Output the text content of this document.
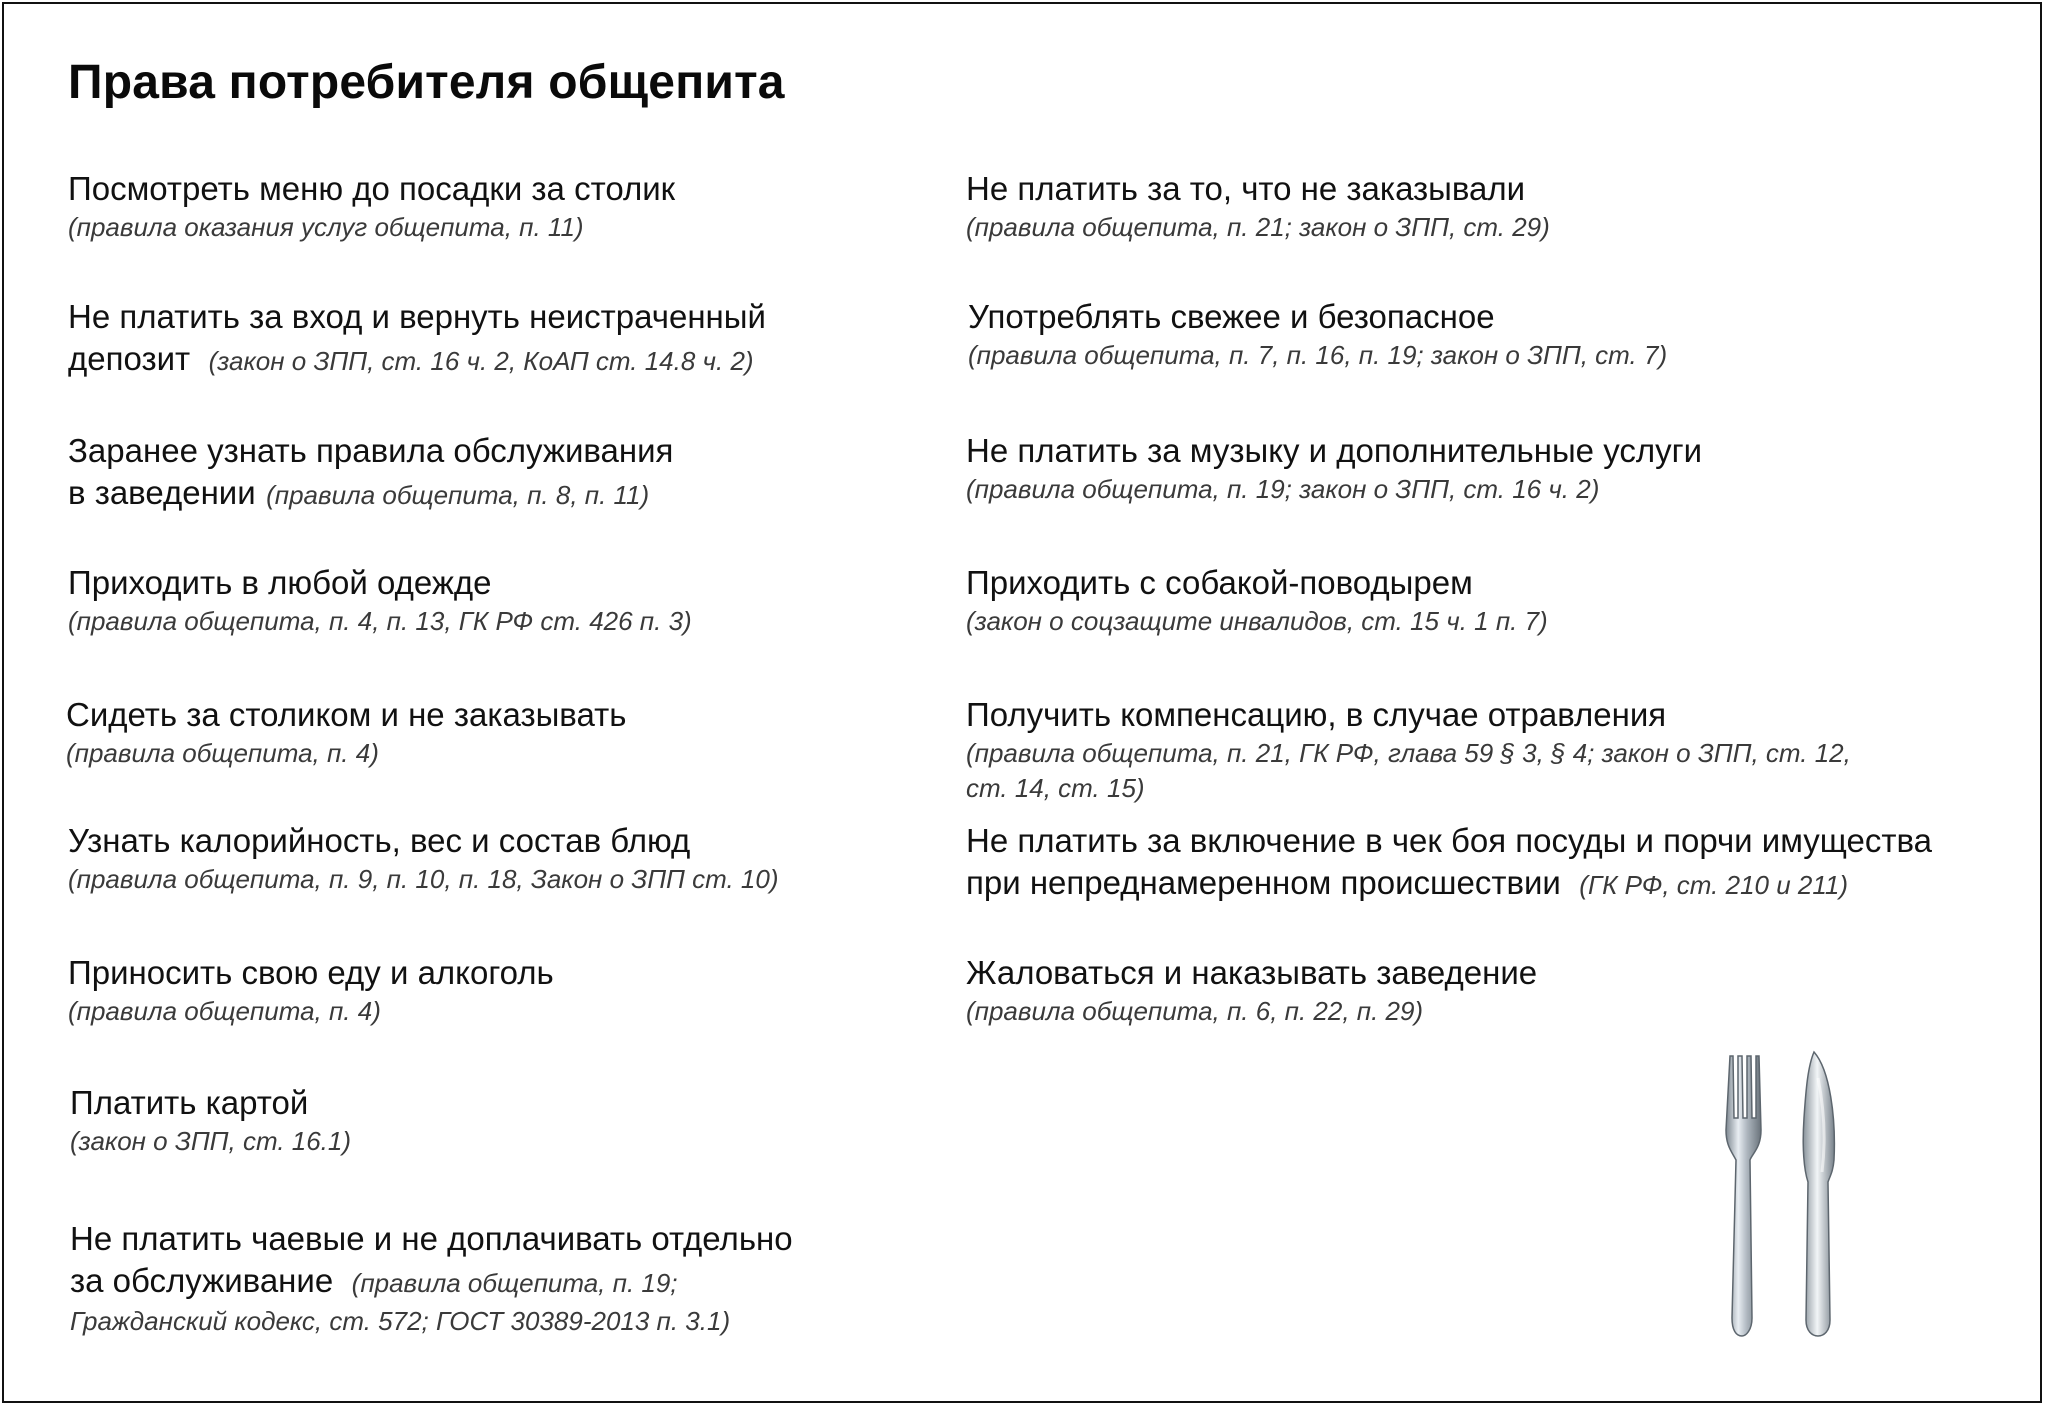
Права потребителя общепита
Посмотреть меню до посадки за столик
(правила оказания услуг общепита, п. 11)
Не платить за вход и вернуть неистраченный
депозит (закон о ЗПП, ст. 16 ч. 2, КоАП ст. 14.8 ч. 2)
Заранее узнать правила обслуживания
в заведении (правила общепита, п. 8, п. 11)
Приходить в любой одежде
(правила общепита, п. 4, п. 13, ГК РФ ст. 426 п. 3)
Сидеть за столиком и не заказывать
(правила общепита, п. 4)
Узнать калорийность, вес и состав блюд
(правила общепита, п. 9, п. 10, п. 18, Закон о ЗПП ст. 10)
Приносить свою еду и алкоголь
(правила общепита, п. 4)
Платить картой
(закон о ЗПП, ст. 16.1)
Не платить чаевые и не доплачивать отдельно
за обслуживание (правила общепита, п. 19;
Гражданский кодекс, ст. 572; ГОСТ 30389-2013 п. 3.1)
Не платить за то, что не заказывали
(правила общепита, п. 21; закон о ЗПП, ст. 29)
Употреблять свежее и безопасное
(правила общепита, п. 7, п. 16, п. 19; закон о ЗПП, ст. 7)
Не платить за музыку и дополнительные услуги
(правила общепита, п. 19; закон о ЗПП, ст. 16 ч. 2)
Приходить с собакой-поводырем
(закон о соцзащите инвалидов, ст. 15 ч. 1 п. 7)
Получить компенсацию, в случае отравления
(правила общепита, п. 21, ГК РФ, глава 59 § 3, § 4; закон о ЗПП, ст. 12,
ст. 14, ст. 15)
Не платить за включение в чек боя посуды и порчи имущества
при непреднамеренном происшествии (ГК РФ, ст. 210 и 211)
Жаловаться и наказывать заведение
(правила общепита, п. 6, п. 22, п. 29)
